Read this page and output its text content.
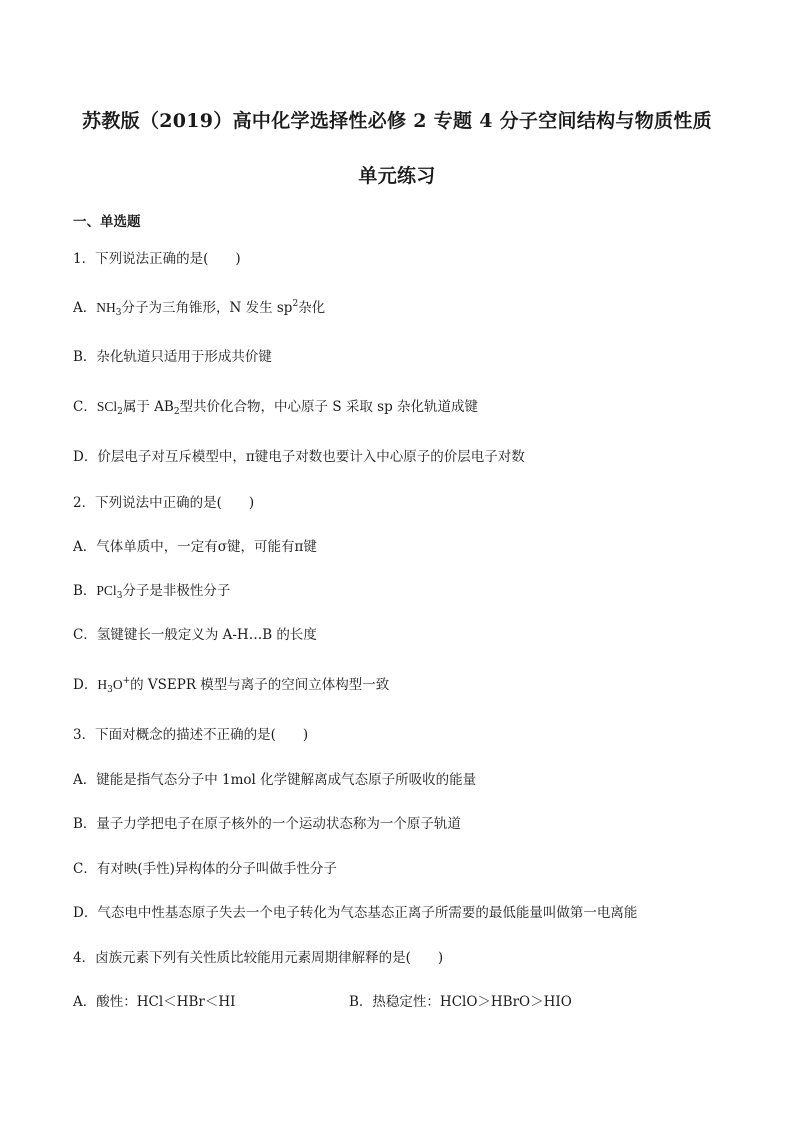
苏教版（2019）高中化学选择性必修 2 专题 4 分子空间结构与物质性质
单元练习
一、单选题
1．下列说法正确的是(　　)
A．$NH_3$分子为三角锥形，N 发生 $sp^2$杂化
B．杂化轨道只适用于形成共价键
C．SCl$_2$属于 $AB_2$型共价化合物，中心原子 S 采取 sp 杂化轨道成键
D．价层电子对互斥模型中，π键电子对数也要计入中心原子的价层电子对数
2．下列说法中正确的是(　　)
A．气体单质中，一定有σ键，可能有π键
B．PCl$_3$分子是非极性分子
C．氢键键长一般定义为 A-H…B 的长度
D．$H_3O^+$的 VSEPR 模型与离子的空间立体构型一致
3．下面对概念的描述不正确的是(　　)
A．键能是指气态分子中 1mol 化学键解离成气态原子所吸收的能量
B．量子力学把电子在原子核外的一个运动状态称为一个原子轨道
C．有对映(手性)异构体的分子叫做手性分子
D．气态电中性基态原子失去一个电子转化为气态基态正离子所需要的最低能量叫做第一电离能
4．卤族元素下列有关性质比较能用元素周期律解释的是(　　)
A．酸性：HCl＜HBr＜HI	B．热稳定性：HClO＞HBrO＞HIO
